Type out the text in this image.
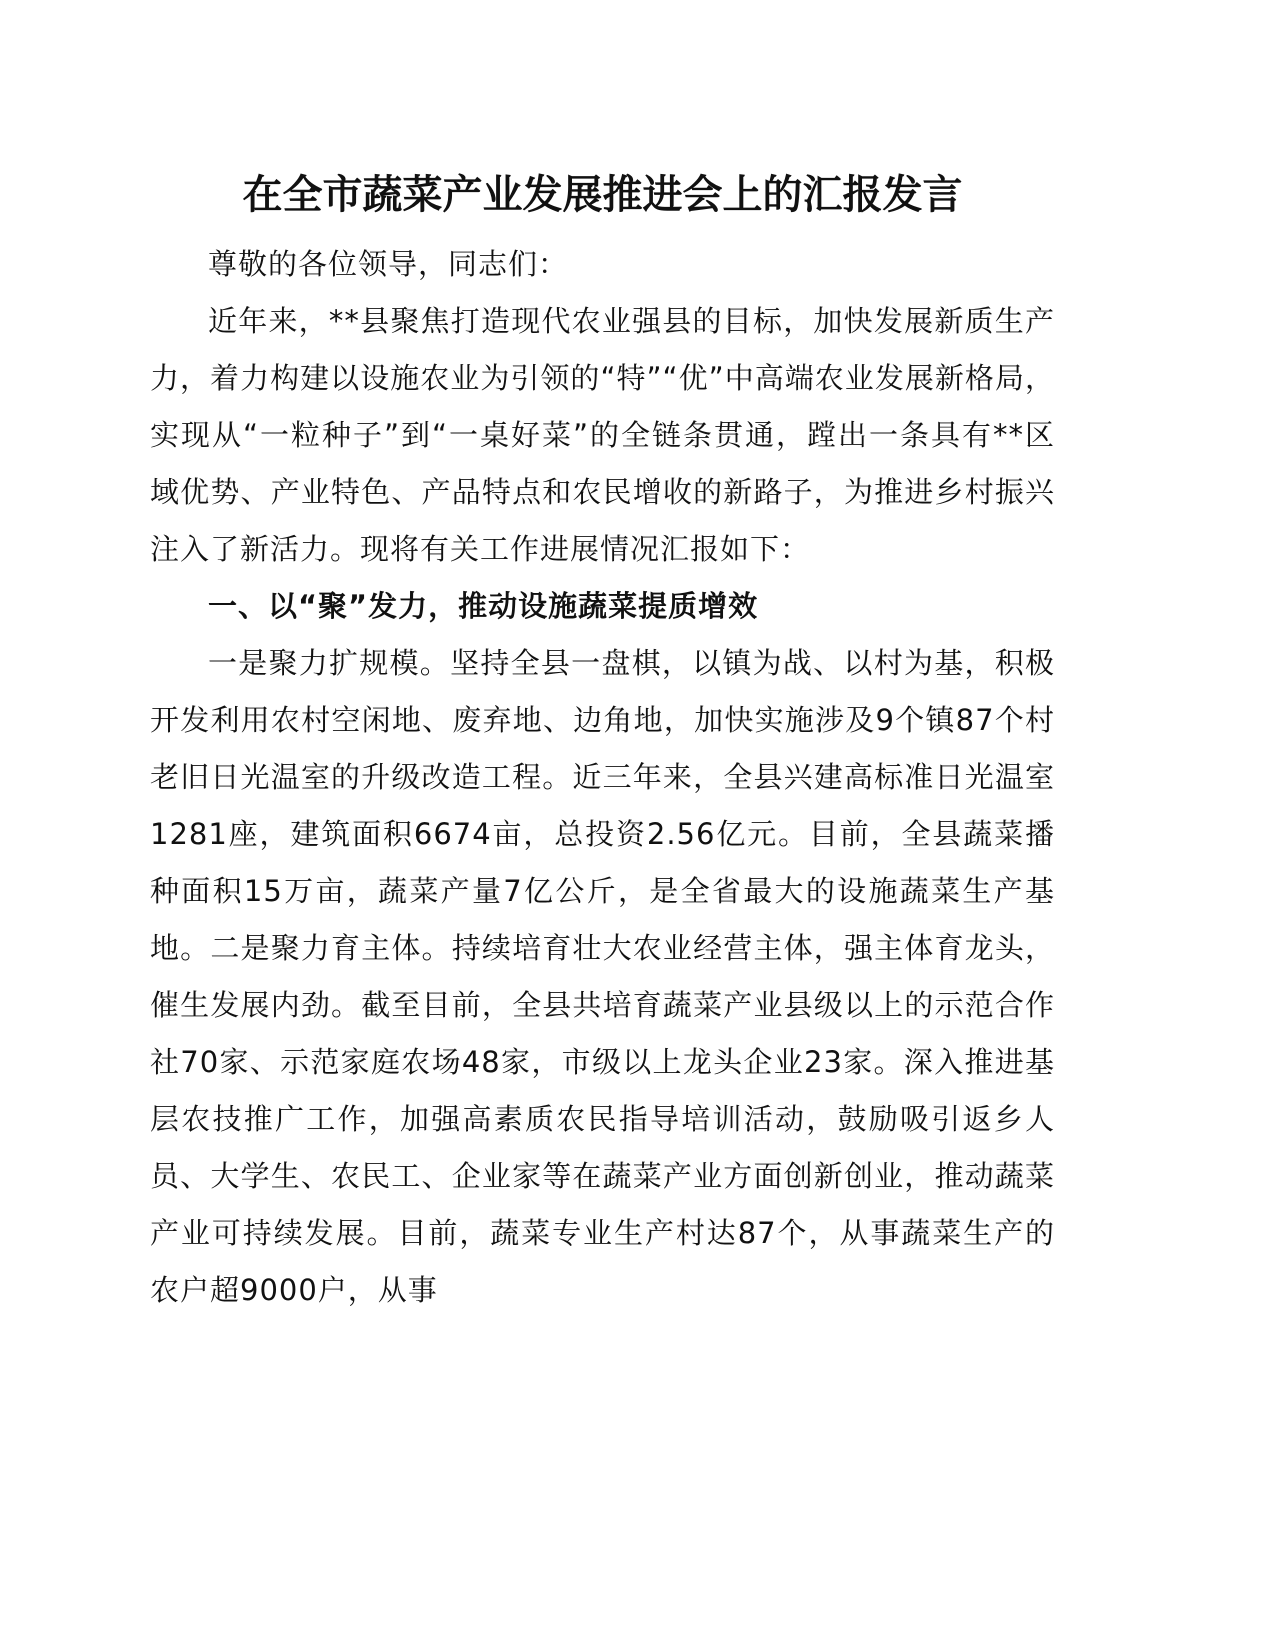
在全市蔬菜产业发展推进会上的汇报发言

尊敬的各位领导，同志们：

近年来，**县聚焦打造现代农业强县的目标，加快发展新质生产力，着力构建以设施农业为引领的“特”“优”中高端农业发展新格局，实现从“一粒种子”到“一桌好菜”的全链条贯通，蹚出一条具有**区域优势、产业特色、产品特点和农民增收的新路子，为推进乡村振兴注入了新活力。现将有关工作进展情况汇报如下：

一、以“聚”发力，推动设施蔬菜提质增效

一是聚力扩规模。坚持全县一盘棋，以镇为战、以村为基，积极开发利用农村空闲地、废弃地、边角地，加快实施涉及9个镇87个村老旧日光温室的升级改造工程。近三年来，全县兴建高标准日光温室1281座，建筑面积6674亩，总投资2.56亿元。目前，全县蔬菜播种面积15万亩，蔬菜产量7亿公斤，是全省最大的设施蔬菜生产基地。二是聚力育主体。持续培育壮大农业经营主体，强主体育龙头，催生发展内劲。截至目前，全县共培育蔬菜产业县级以上的示范合作社70家、示范家庭农场48家，市级以上龙头企业23家。深入推进基层农技推广工作，加强高素质农民指导培训活动，鼓励吸引返乡人员、大学生、农民工、企业家等在蔬菜产业方面创新创业，推动蔬菜产业可持续发展。目前，蔬菜专业生产村达87个，从事蔬菜生产的农户超9000户，从事
